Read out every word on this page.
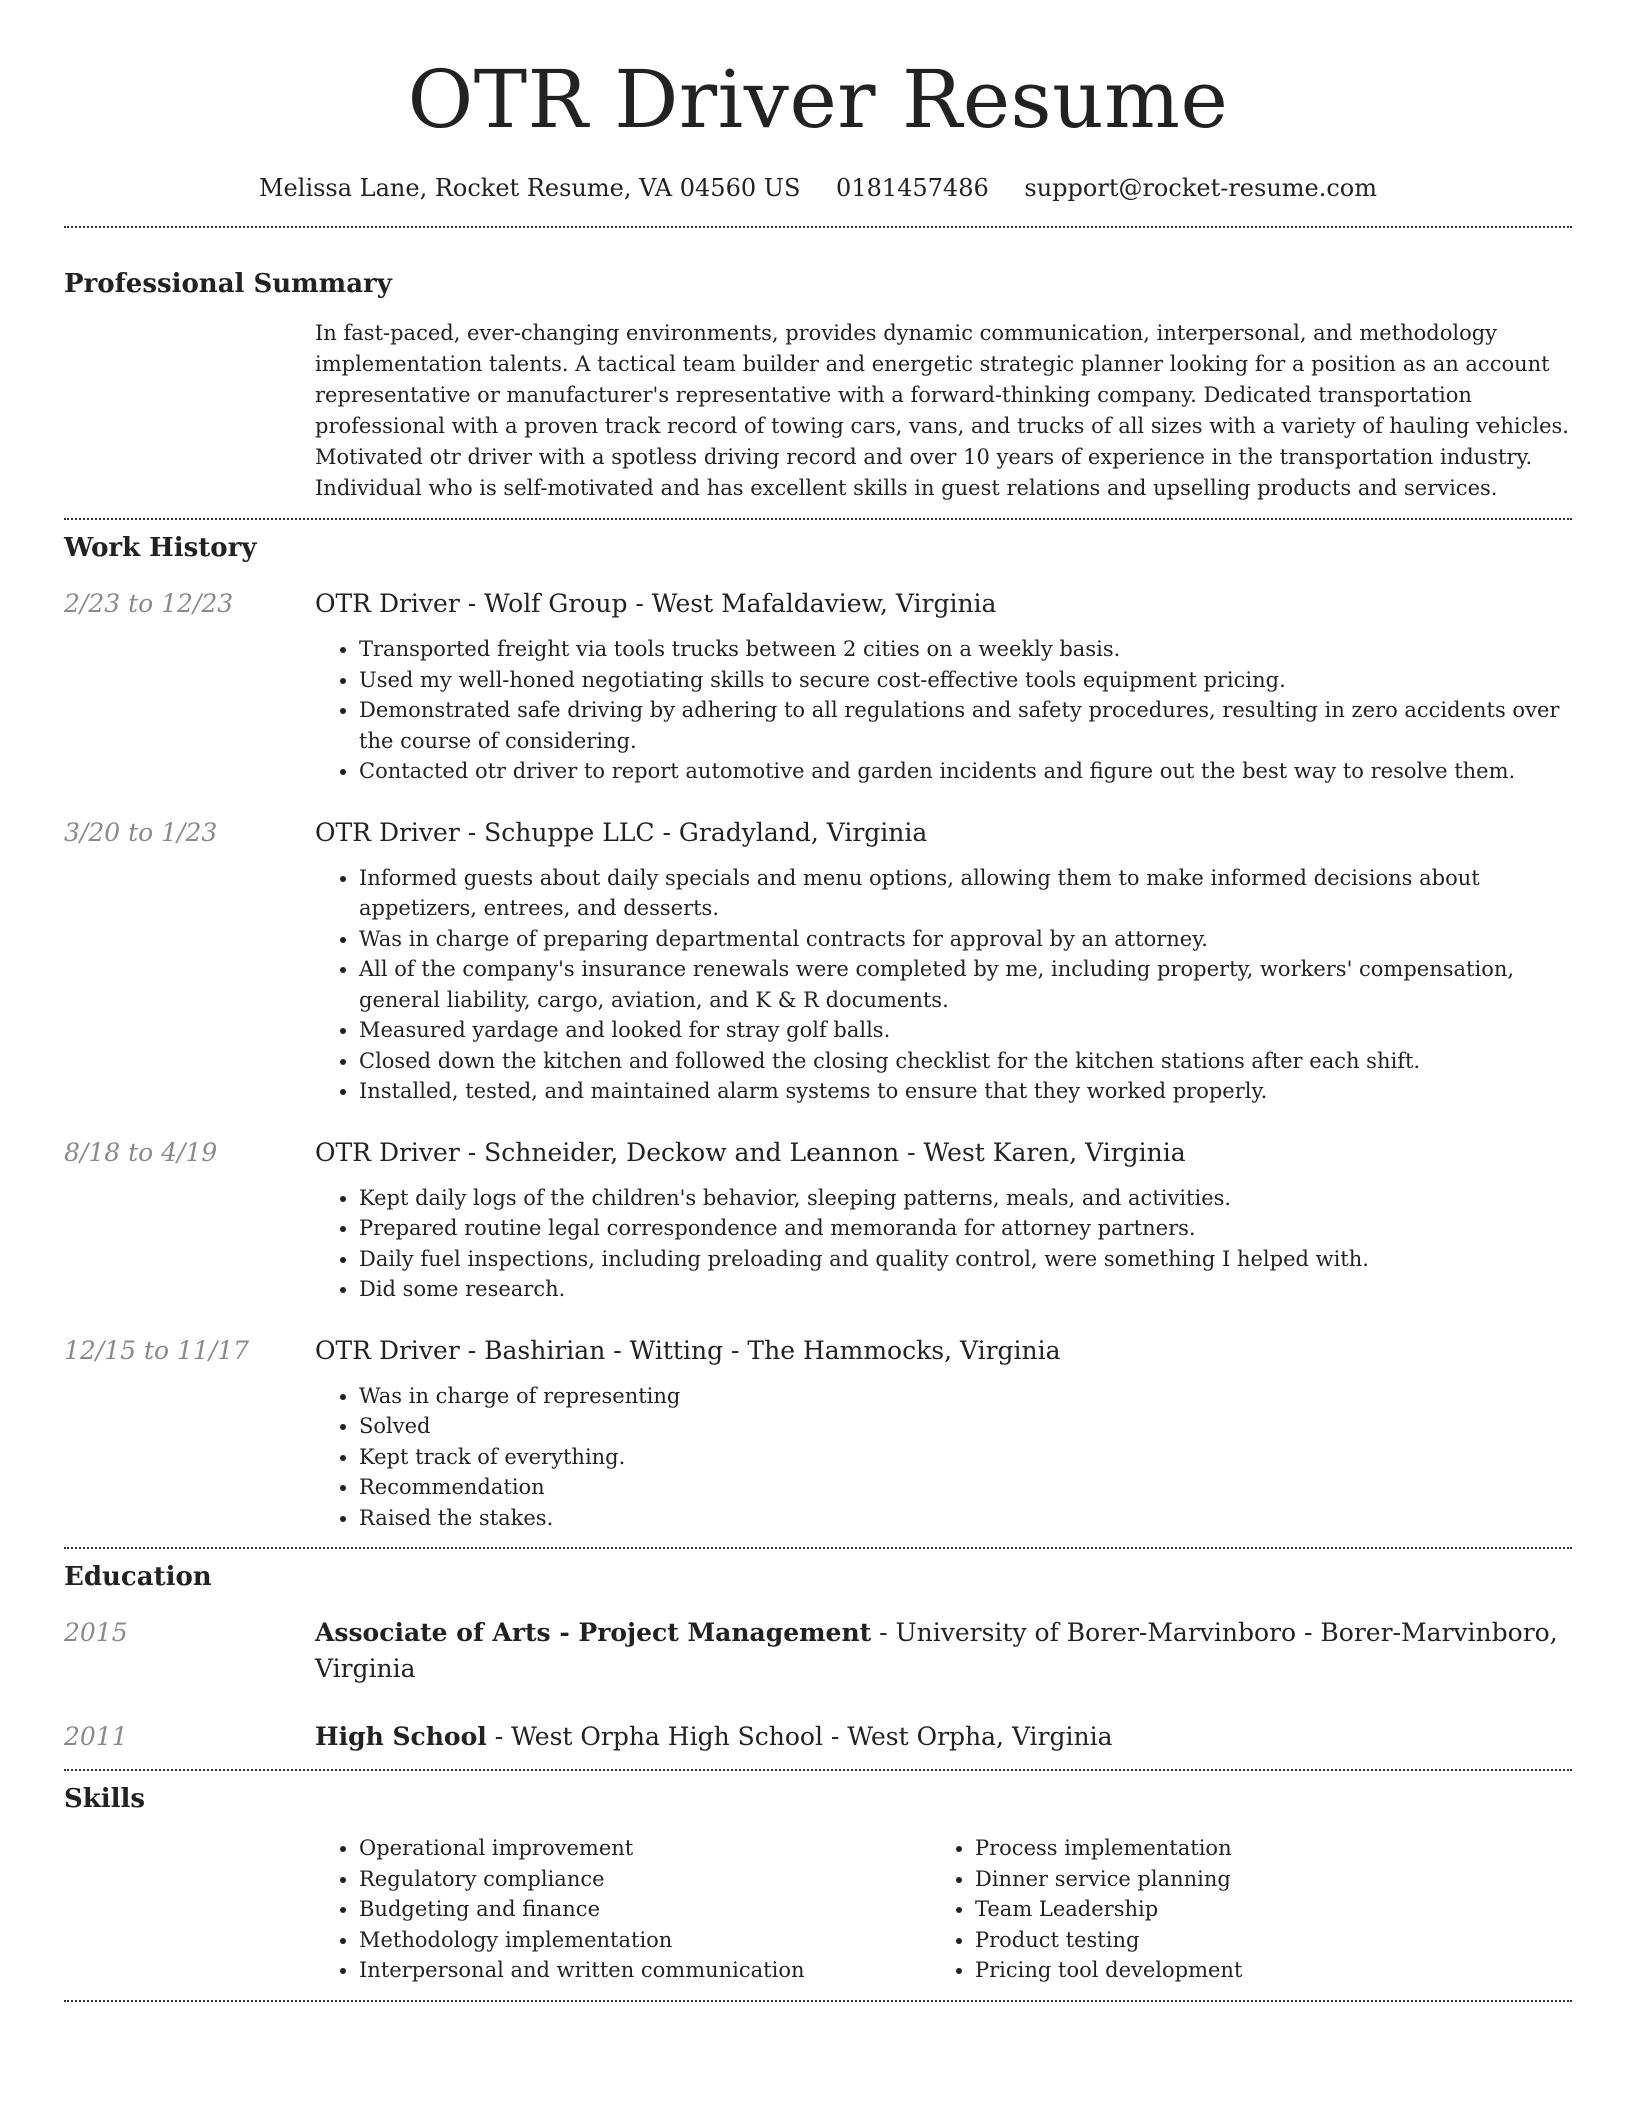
OTR Driver Resume
Melissa Lane, Rocket Resume, VA 04560 US 0181457486 support@rocket-resume.com
Professional Summary

In fast-paced, ever-changing environments, provides dynamic communication, interpersonal, and methodology implementation talents. A tactical team builder and energetic strategic planner looking for a position as an account representative or manufacturer's representative with a forward-thinking company. Dedicated transportation professional with a proven track record of towing cars, vans, and trucks of all sizes with a variety of hauling vehicles. Motivated otr driver with a spotless driving record and over 10 years of experience in the transportation industry. Individual who is self-motivated and has excellent skills in guest relations and upselling products and services.

Work History
2/23 to 12/23	OTR Driver - Wolf Group - West Mafaldaview, Virginia
• Transported freight via tools trucks between 2 cities on a weekly basis.
• Used my well-honed negotiating skills to secure cost-effective tools equipment pricing.
• Demonstrated safe driving by adhering to all regulations and safety procedures, resulting in zero accidents over the course of considering.
• Contacted otr driver to report automotive and garden incidents and figure out the best way to resolve them.
3/20 to 1/23	OTR Driver - Schuppe LLC - Gradyland, Virginia
• Informed guests about daily specials and menu options, allowing them to make informed decisions about appetizers, entrees, and desserts.
• Was in charge of preparing departmental contracts for approval by an attorney.
• All of the company's insurance renewals were completed by me, including property, workers' compensation, general liability, cargo, aviation, and K & R documents.
• Measured yardage and looked for stray golf balls.
• Closed down the kitchen and followed the closing checklist for the kitchen stations after each shift.
• Installed, tested, and maintained alarm systems to ensure that they worked properly.
8/18 to 4/19	OTR Driver - Schneider, Deckow and Leannon - West Karen, Virginia
• Kept daily logs of the children's behavior, sleeping patterns, meals, and activities.
• Prepared routine legal correspondence and memoranda for attorney partners.
• Daily fuel inspections, including preloading and quality control, were something I helped with.
• Did some research.
12/15 to 11/17	OTR Driver - Bashirian - Witting - The Hammocks, Virginia
• Was in charge of representing
• Solved
• Kept track of everything.
• Recommendation
• Raised the stakes.
Education
2015	Associate of Arts - Project Management - University of Borer-Marvinboro - Borer-Marvinboro, Virginia
2011	High School - West Orpha High School - West Orpha, Virginia
Skills
• Operational improvement
• Regulatory compliance
• Budgeting and finance
• Methodology implementation
• Interpersonal and written communication
• Process implementation
• Dinner service planning
• Team Leadership
• Product testing
• Pricing tool development
